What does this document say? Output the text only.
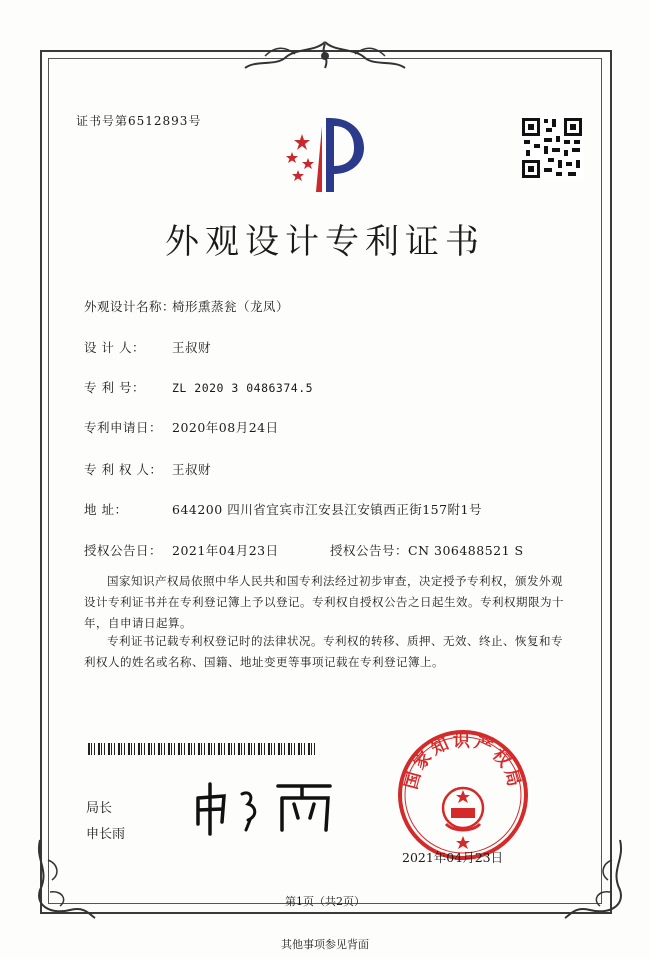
证书号第6512893号
外观设计专利证书
外观设计名称：椅形熏蒸瓮（龙凤）
设 计 人： 王叔财
专 利 号： ZL 2020 3 0486374.5
专利申请日： 2020年08月24日
专 利 权 人： 王叔财
地 址：	644200 四川省宜宾市江安县江安镇西正街157附1号
授权公告日： 2021年04月23日	授权公告号：CN 306488521 S
国家知识产权局依照中华人民共和国专利法经过初步审查，决定授予专利权，颁发外观设计专利证书并在专利登记簿上予以登记。专利权自授权公告之日起生效。专利权期限为十年，自申请日起算。
专利证书记载专利权登记时的法律状况。专利权的转移、质押、无效、终止、恢复和专利权人的姓名或名称、国籍、地址变更等事项记载在专利登记簿上。
局长
申长雨
国家知识产权局
2021年04月23日
第1页（共2页）
其他事项参见背面
